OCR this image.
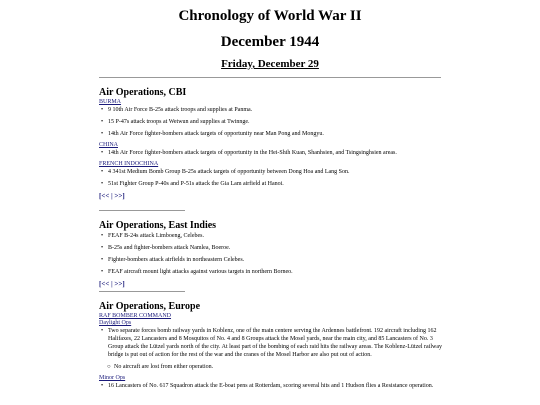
Chronology of World War II
December 1944
Friday, December 29
Air Operations, CBI
BURMA
• 9 10th Air Force B-25s attack troops and supplies at Panma.
• 15 P-47s attack troops at Wetwun and supplies at Twinnge.
• 14th Air Force fighter-bombers attack targets of opportunity near Man Pong and Mongyu.
CHINA
• 14th Air Force fighter-bombers attack targets of opportunity in the Hei-Shih Kuan, Shanhsien, and Tsingsinghsien areas.
FRENCH INDOCHINA
• 4 341st Medium Bomb Group B-25s attack targets of opportunity between Dong Hoa and Lang Son.
• 51st Fighter Group P-40s and P-51s attack the Gia Lam airfield at Hanoi.
[<< | >>]
Air Operations, East Indies
• FEAF B-24s attack Limboeng, Celebes.
• B-25s and fighter-bombers attack Namlea, Boeroe.
• Fighter-bombers attack airfields in northeastern Celebes.
• FEAF aircraft mount light attacks against various targets in northern Borneo.
[<< | >>]
Air Operations, Europe
RAF BOMBER COMMAND
Daylight Ops
• Two separate forces bomb railway yards in Koblenz, one of the main centere serving the Ardennes battlefront. 192 aircraft including 162 Halifaxes, 22 Lancasters and 8 Mosquitos of No. 4 and 8 Groups attack the Mosel yards, near the main city, and 85 Lancasters of No. 3 Group attack the Lützel yards north of the city. At least part of the bombing of each raid hits the railway areas. The Koblenz-Lützel railway bridge is put out of action for the rest of the war and the cranes of the Mosel Harbor are also put out of action.
○ No aircraft are lost from either operation.
Minor Ops
• 16 Lancasters of No. 617 Squadron attack the E-boat pens at Rotterdam, scoring several hits and 1 Hudson flies a Resistance operation.
